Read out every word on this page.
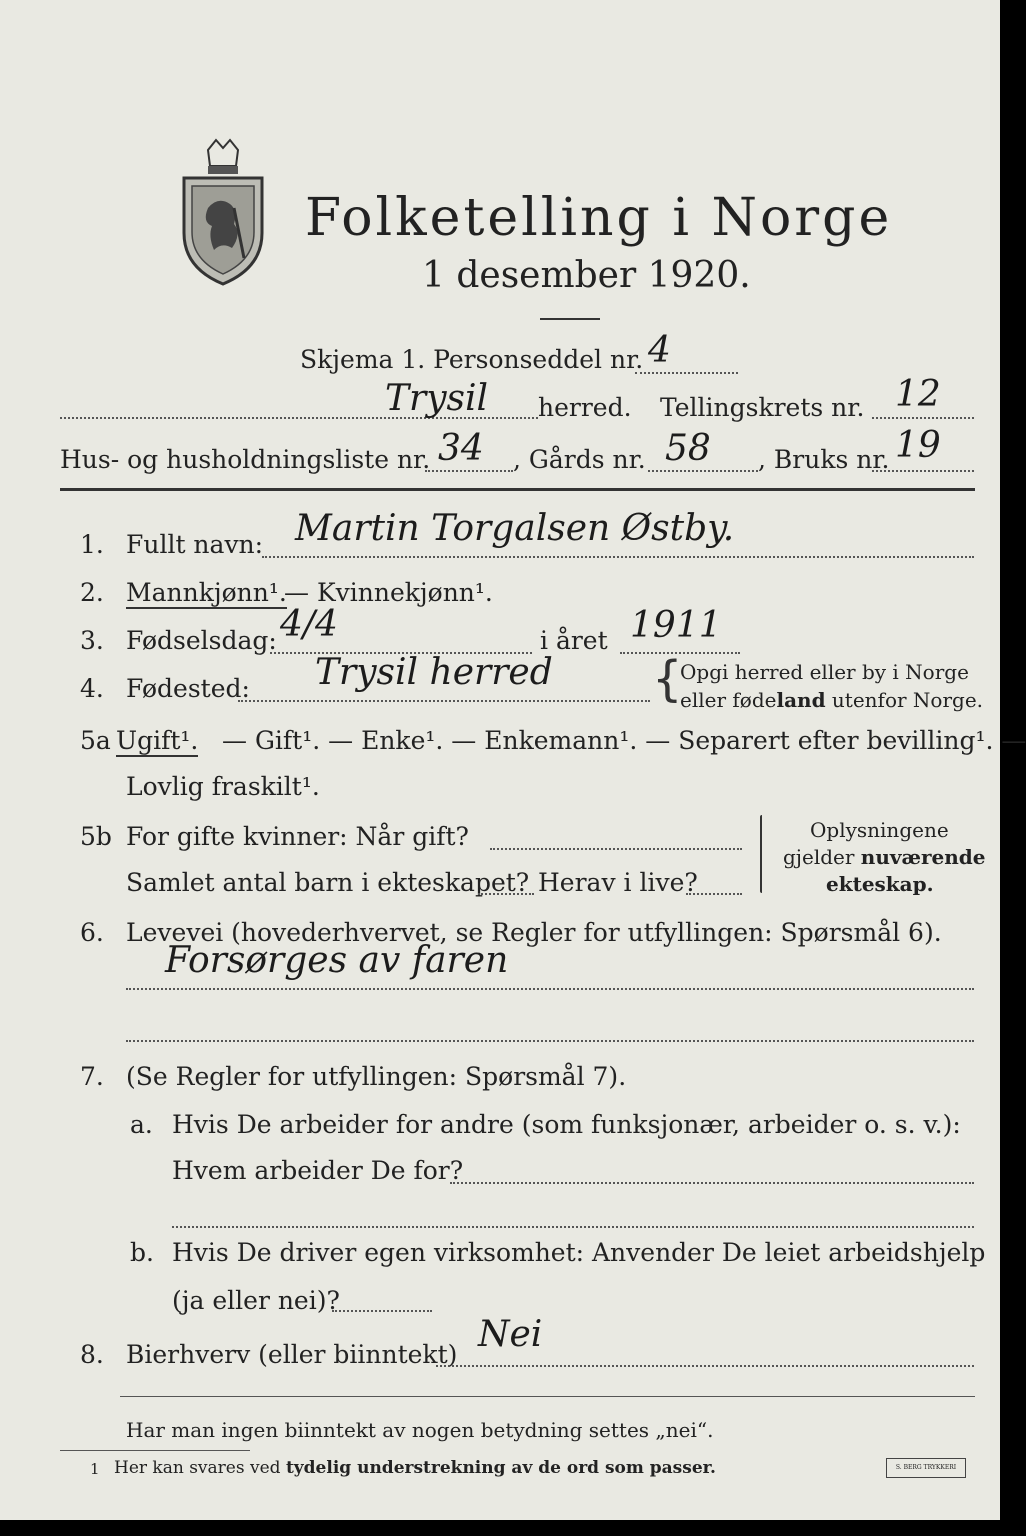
Folketelling i Norge
1 desember 1920.
Skjema 1. Personseddel nr. 4
Trysil herred. Tellingskrets nr. 12
Hus- og husholdningsliste nr. 34 , Gårds nr. 58 , Bruks nr. 19
1. Fullt navn: Martin Torgalsen Østby.
2. Mannkjønn¹.
— Kvinnekjønn¹.
3. Fødselsdag: 4/4	i året 1911
4. Fødested: Trysil herred {
Opgi herred eller by i Norge
eller fødeland utenfor Norge.
5a Ugift¹. — Gift¹. — Enke¹. — Enkemann¹. — Separert efter bevilling¹. —
Lovlig fraskilt¹.
5b For gifte kvinner: Når gift?
Samlet antal barn i ekteskapet? Herav i live?
Oplysningene
gjelder nuværende
ekteskap.
6. Levevei (hovederhvervet, se Regler for utfyllingen: Spørsmål 6).
Forsørges av faren
7. (Se Regler for utfyllingen: Spørsmål 7).
a. Hvis De arbeider for andre (som funksjonær, arbeider o. s. v.):
Hvem arbeider De for?
b. Hvis De driver egen virksomhet: Anvender De leiet arbeidshjelp
(ja eller nei)?
8. Bierhverv (eller biinntekt) Nei
Har man ingen biinntekt av nogen betydning settes „nei“.
1 Her kan svares ved tydelig understrekning av de ord som passer.	S. BERG TRYKKERI
